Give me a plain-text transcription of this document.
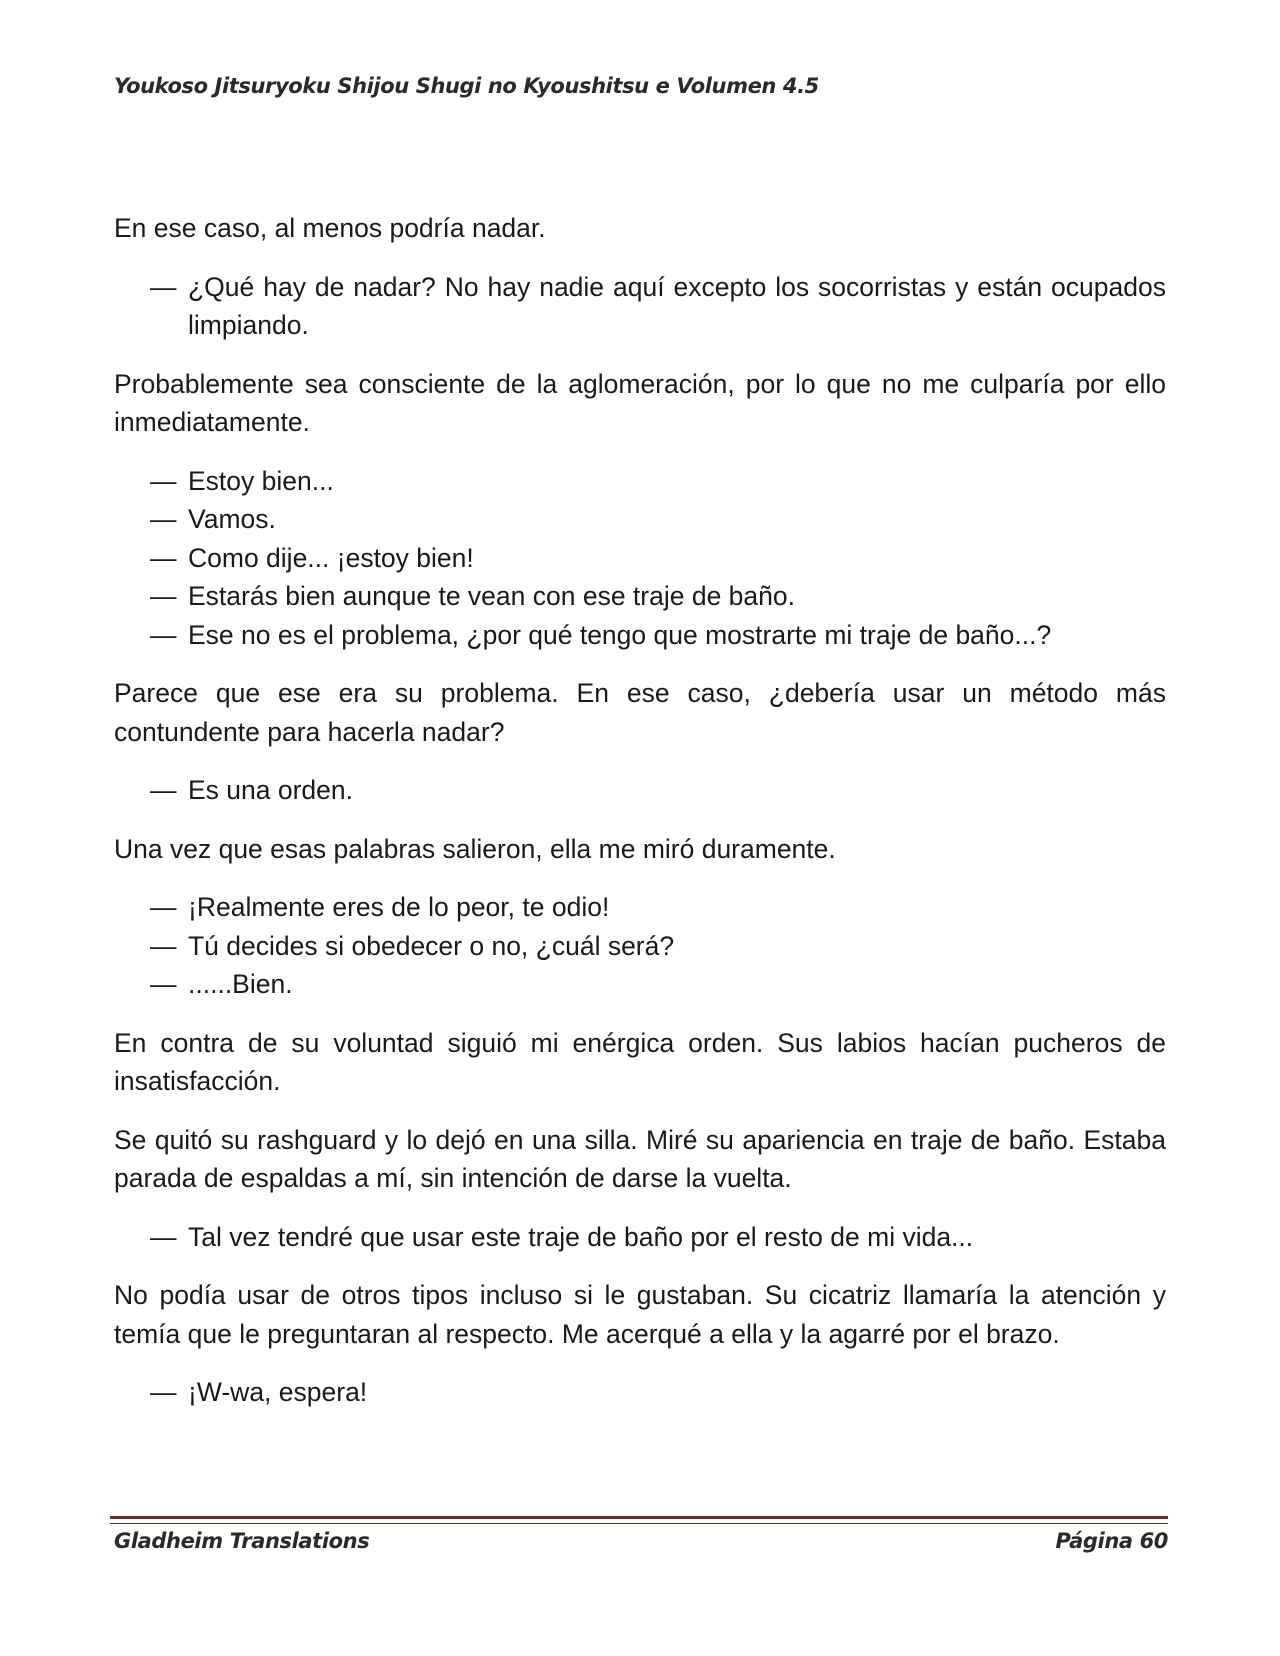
Youkoso Jitsuryoku Shijou Shugi no Kyoushitsu e Volumen 4.5

En ese caso, al menos podría nadar.

— ¿Qué hay de nadar? No hay nadie aquí excepto los socorristas y están ocupados limpiando.

Probablemente sea consciente de la aglomeración, por lo que no me culparía por ello inmediatamente.

— Estoy bien...
— Vamos.
— Como dije... ¡estoy bien!
— Estarás bien aunque te vean con ese traje de baño.
— Ese no es el problema, ¿por qué tengo que mostrarte mi traje de baño...?

Parece que ese era su problema. En ese caso, ¿debería usar un método más contundente para hacerla nadar?

— Es una orden.

Una vez que esas palabras salieron, ella me miró duramente.

— ¡Realmente eres de lo peor, te odio!
— Tú decides si obedecer o no, ¿cuál será?
— ......Bien.

En contra de su voluntad siguió mi enérgica orden. Sus labios hacían pucheros de insatisfacción.

Se quitó su rashguard y lo dejó en una silla. Miré su apariencia en traje de baño. Estaba parada de espaldas a mí, sin intención de darse la vuelta.

— Tal vez tendré que usar este traje de baño por el resto de mi vida...

No podía usar de otros tipos incluso si le gustaban. Su cicatriz llamaría la atención y temía que le preguntaran al respecto. Me acerqué a ella y la agarré por el brazo.

— ¡W-wa, espera!
Gladheim Translations	Página 60
